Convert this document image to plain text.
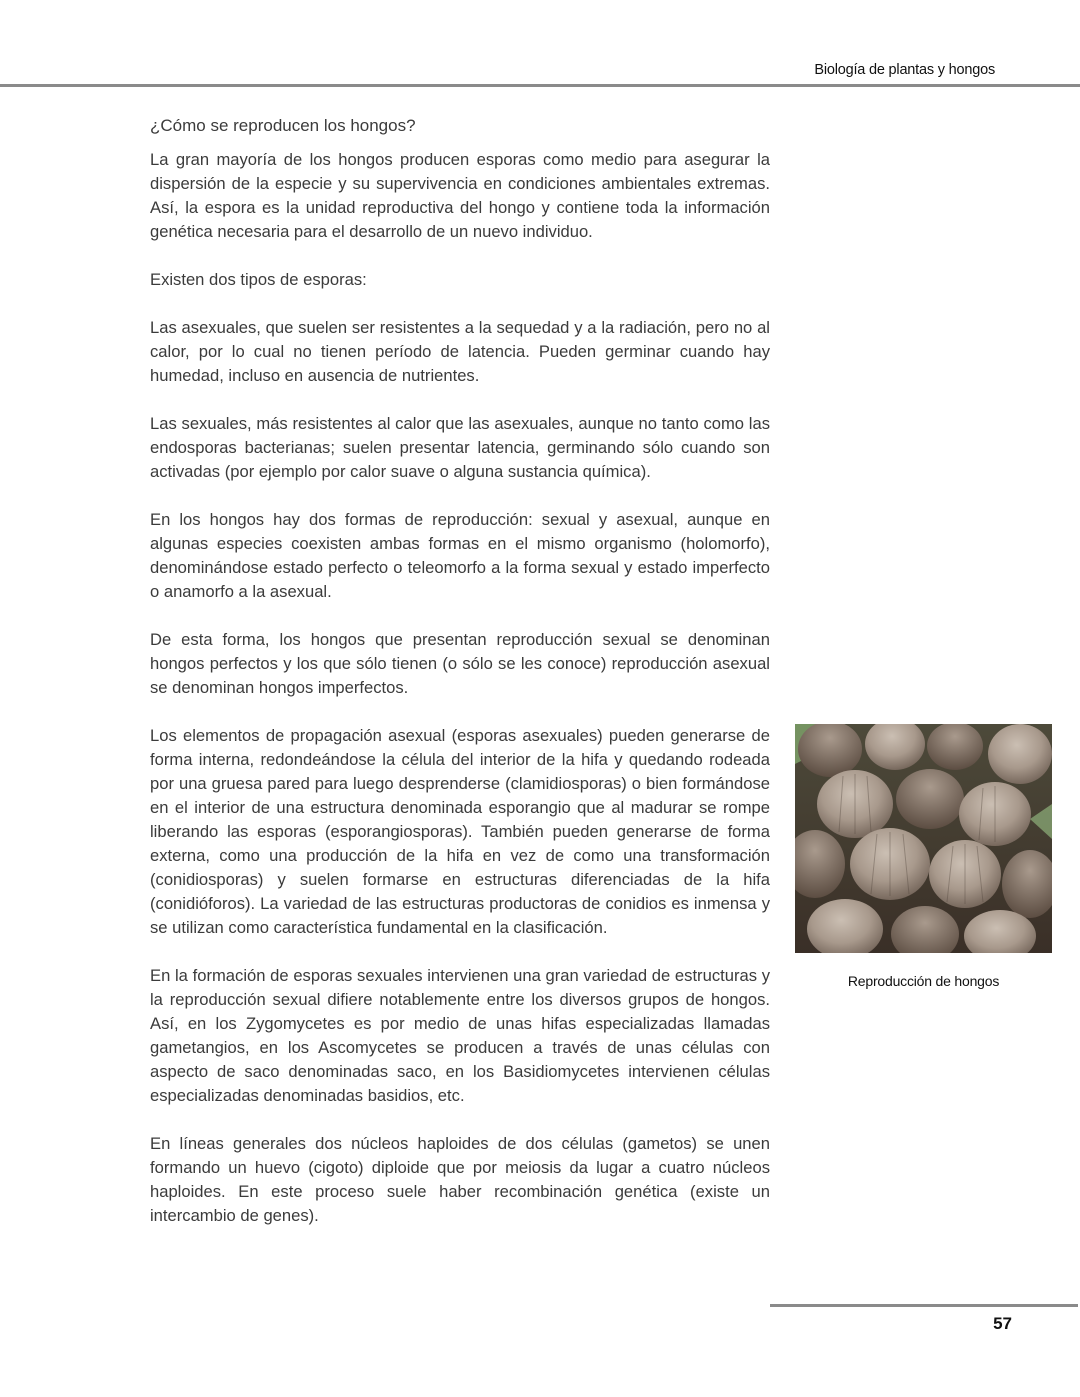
Biología de plantas y hongos
¿Cómo se reproducen los hongos?

La gran mayoría de los hongos producen esporas como medio para asegurar la dispersión de la especie y su supervivencia en condiciones ambientales extremas. Así, la espora es la unidad reproductiva del hongo y contiene toda la información genética necesaria para el desarrollo de un nuevo individuo.

Existen dos tipos de esporas:

Las asexuales, que suelen ser resistentes a la sequedad y a la radiación, pero no al calor, por lo cual no tienen período de latencia. Pueden germinar cuando hay humedad, incluso en ausencia de nutrientes.

Las sexuales, más resistentes al calor que las asexuales, aunque no tanto como las endosporas bacterianas; suelen presentar latencia, germinando sólo cuando son activadas (por ejemplo por calor suave o alguna sustancia química).

En los hongos hay dos formas de reproducción: sexual y asexual, aunque en algunas especies coexisten ambas formas en el mismo organismo (holomorfo), denominándose estado perfecto o teleomorfo a la forma sexual y estado imperfecto o anamorfo a la asexual.

De esta forma, los hongos que presentan reproducción sexual se denominan hongos perfectos y los que sólo tienen (o sólo se les conoce) reproducción asexual se denominan hongos imperfectos.

Los elementos de propagación asexual (esporas asexuales) pueden generarse de forma interna, redondeándose la célula del interior de la hifa y quedando rodeada por una gruesa pared para luego desprenderse (clamidiosporas) o bien formándose en el interior de una estructura denominada esporangio que al madurar se rompe liberando las esporas (esporangiosporas). También pueden generarse de forma externa, como una producción de la hifa en vez de como una transformación (conidiosporas) y suelen formarse en estructuras diferenciadas de la hifa (conidióforos). La variedad de las estructuras productoras de conidios es inmensa y se utilizan como característica fundamental en la clasificación.

En la formación de esporas sexuales intervienen una gran variedad de estructuras y la reproducción sexual difiere notablemente entre los diversos grupos de hongos. Así, en los Zygomycetes es por medio de unas hifas especializadas llamadas gametangios, en los Ascomycetes se producen a través de unas células con aspecto de saco denominadas saco, en los Basidiomycetes intervienen células especializadas denominadas basidios, etc.

En líneas generales dos núcleos haploides de dos células (gametos) se unen formando un huevo (cigoto) diploide que por meiosis da lugar a cuatro núcleos haploides. En este proceso suele haber recombinación genética (existe un intercambio de genes).

Reproducción de hongos
57
